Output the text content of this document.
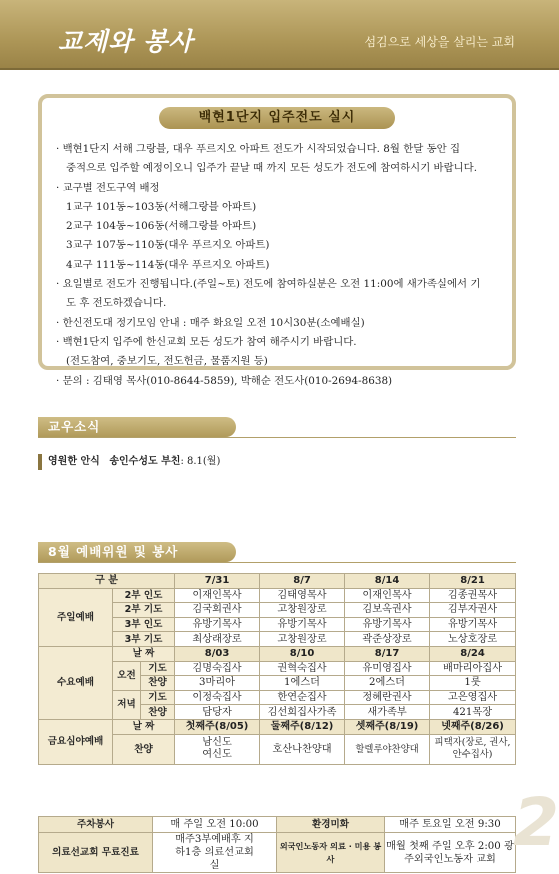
교제와 봉사	섬김으로 세상을 살리는 교회
백현1단지 입주전도 실시
· 백현1단지 서해 그랑블, 대우 푸르지오 아파트 전도가 시작되었습니다. 8월 한달 동안 집
중적으로 입주할 예정이오니 입주가 끝날 때 까지 모든 성도가 전도에 참여하시기 바랍니다.
· 교구별 전도구역 배정
1교구 101동~103동(서해그랑블 아파트)
2교구 104동~106동(서해그랑블 아파트)
3교구 107동~110동(대우 푸르지오 아파트)
4교구 111동~114동(대우 푸르지오 아파트)
· 요일별로 전도가 진행됩니다.(주일~토) 전도에 참여하실분은 오전 11:00에 새가족실에서 기
도 후 전도하겠습니다.
· 한신전도대 정기모임 안내 : 매주 화요일 오전 10시30분(소예배실)
· 백현1단지 입주에 한신교회 모든 성도가 참여 해주시기 바랍니다.
(전도참여, 중보기도, 전도헌금, 물품지원 등)
· 문의 : 김태영 목사(010-8644-5859), 박해순 전도사(010-2694-8638)
교우소식
영원한 안식 송인수성도 부친: 8.1(월)
8월 예배위원 및 봉사
구 분			7/31	8/7	8/14	8/21
주일예배	2부 인도		이재인목사	김태영목사	이재인목사	김종권목사
	2부 기도		김국회권사	고창원장로	김보옥권사	김부자권사
	3부 인도		유방기목사	유방기목사	유방기목사	유방기목사
	3부 기도		최상래장로	고창원장로	곽준상장로	노상호장로
수요예배	날 짜		8/03	8/10	8/17	8/24
	오전	기도	김명숙집사	권혁숙집사	유미영집사	배마리아집사
		찬양	3마리아	1에스더	2에스더	1룻
	저녁	기도	이정숙집사	한연순집사	정혜란권사	고은영집사
		찬양	담당자	김선희집사가족	새가족부	421목장
금요심야예배	날 짜		첫째주(8/05)	둘째주(8/12)	셋째주(8/19)	넷째주(8/26)
	찬양		남신도 여신도	호산나찬양대	할렐루야찬양대	피택자(장로, 권사, 안수집사)
주차봉사	매 주일 오전 10:00	환경미화	매주 토요일 오전 9:30
의료선교회 무료진료	매주3부예배후 지하1층 의료선교회실	외국인노동자 의료 · 미용 봉사	매월 첫째 주일 오후 2:00 광주외국인노동자 교회 2
